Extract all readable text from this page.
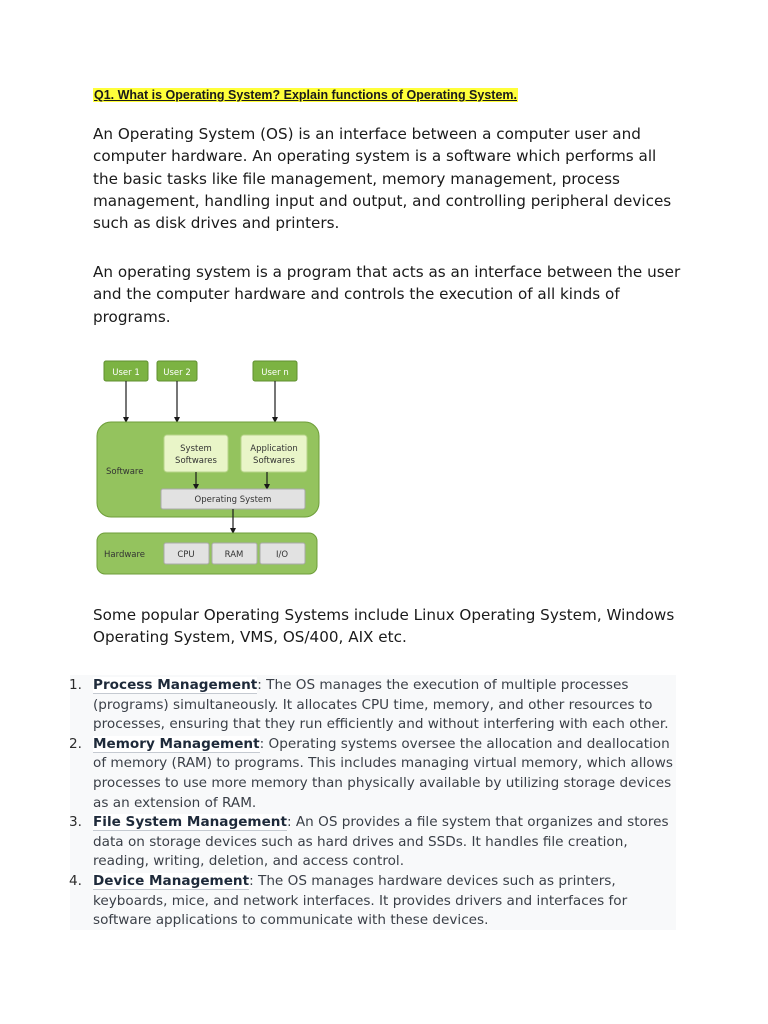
Q1. What is Operating System? Explain functions of Operating System.

An Operating System (OS) is an interface between a computer user and computer hardware. An operating system is a software which performs all the basic tasks like file management, memory management, process management, handling input and output, and controlling peripheral devices such as disk drives and printers.

An operating system is a program that acts as an interface between the user and the computer hardware and controls the execution of all kinds of programs.

User 1	User 2	User n
Software
System
Softwares
Application
Softwares
Operating System
Hardware	CPU	RAM	I/O

Some popular Operating Systems include Linux Operating System, Windows Operating System, VMS, OS/400, AIX etc.

1. Process Management: The OS manages the execution of multiple processes (programs) simultaneously. It allocates CPU time, memory, and other resources to processes, ensuring that they run efficiently and without interfering with each other.
2. Memory Management: Operating systems oversee the allocation and deallocation of memory (RAM) to programs. This includes managing virtual memory, which allows processes to use more memory than physically available by utilizing storage devices as an extension of RAM.
3. File System Management: An OS provides a file system that organizes and stores data on storage devices such as hard drives and SSDs. It handles file creation, reading, writing, deletion, and access control.
4. Device Management: The OS manages hardware devices such as printers, keyboards, mice, and network interfaces. It provides drivers and interfaces for software applications to communicate with these devices.
